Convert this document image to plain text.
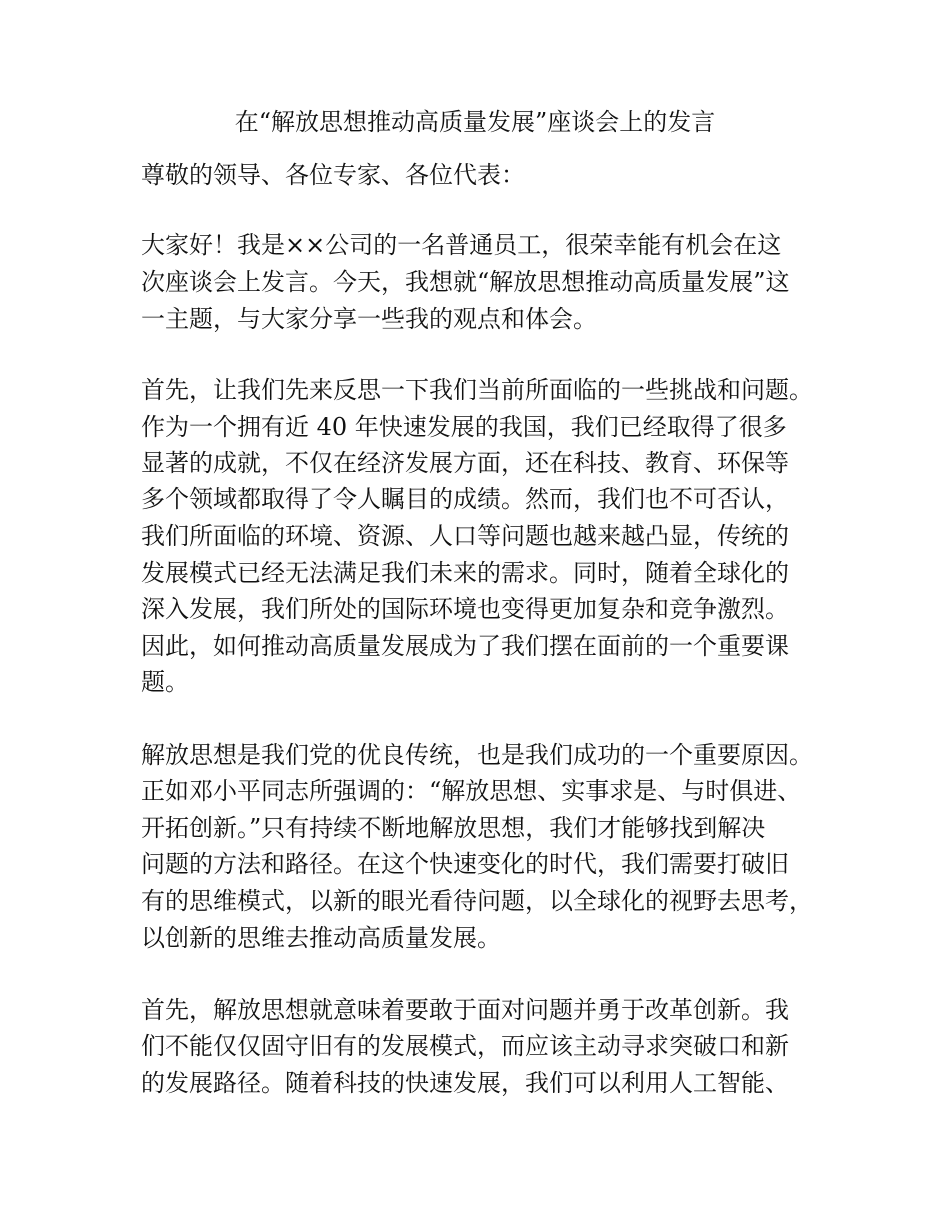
在“解放思想推动高质量发展”座谈会上的发言
尊敬的领导、各位专家、各位代表：
大家好！我是××公司的一名普通员工，很荣幸能有机会在这
次座谈会上发言。今天，我想就“解放思想推动高质量发展”这
一主题，与大家分享一些我的观点和体会。
首先，让我们先来反思一下我们当前所面临的一些挑战和问题。
作为一个拥有近 40 年快速发展的我国，我们已经取得了很多
显著的成就，不仅在经济发展方面，还在科技、教育、环保等
多个领域都取得了令人瞩目的成绩。然而，我们也不可否认，
我们所面临的环境、资源、人口等问题也越来越凸显，传统的
发展模式已经无法满足我们未来的需求。同时，随着全球化的
深入发展，我们所处的国际环境也变得更加复杂和竞争激烈。
因此，如何推动高质量发展成为了我们摆在面前的一个重要课
题。
解放思想是我们党的优良传统，也是我们成功的一个重要原因。
正如邓小平同志所强调的：“解放思想、实事求是、与时俱进、
开拓创新。”只有持续不断地解放思想，我们才能够找到解决
问题的方法和路径。在这个快速变化的时代，我们需要打破旧
有的思维模式，以新的眼光看待问题，以全球化的视野去思考，
以创新的思维去推动高质量发展。
首先，解放思想就意味着要敢于面对问题并勇于改革创新。我
们不能仅仅固守旧有的发展模式，而应该主动寻求突破口和新
的发展路径。随着科技的快速发展，我们可以利用人工智能、
